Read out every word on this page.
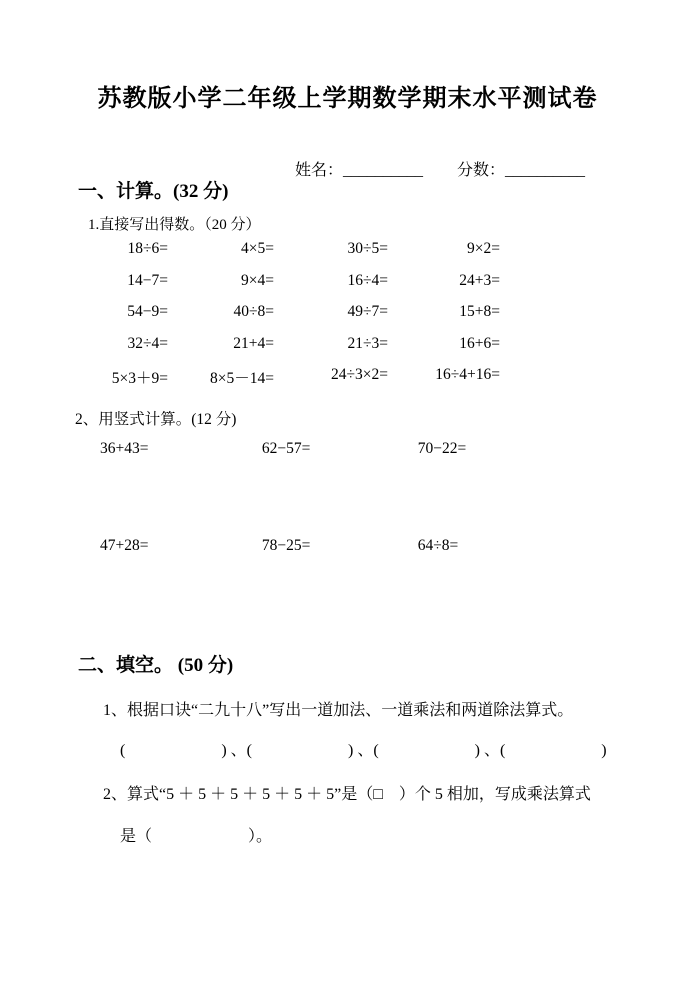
苏教版小学二年级上学期数学期末水平测试卷
姓名：__________ 分数：__________
一、计算。(32 分)
1.直接写出得数。（20 分）
18÷6=	4×5=	30÷5=	9×2=
14−7=	9×4=	16÷4=	24+3=
54−9=	40÷8=	49÷7=	15+8=
32÷4=	21+4=	21÷3=	16+6=
5×3＋9=	8×5－14=	24÷3×2=	16÷4+16=
2、用竖式计算。(12 分)
36+43=	62−57=	70−22=
47+28=	78−25=	64÷8=
二、填空。 (50 分)
1、根据口诀“二九十八”写出一道加法、一道乘法和两道除法算式。
(　　　　　　) 、(　　　　　　) 、(　　　　　　) 、(　　　　　　)
2、算式“5 ＋ 5 ＋ 5 ＋ 5 ＋ 5 ＋ 5”是（□　）个 5 相加，写成乘法算式
是（　　　　　　）。
